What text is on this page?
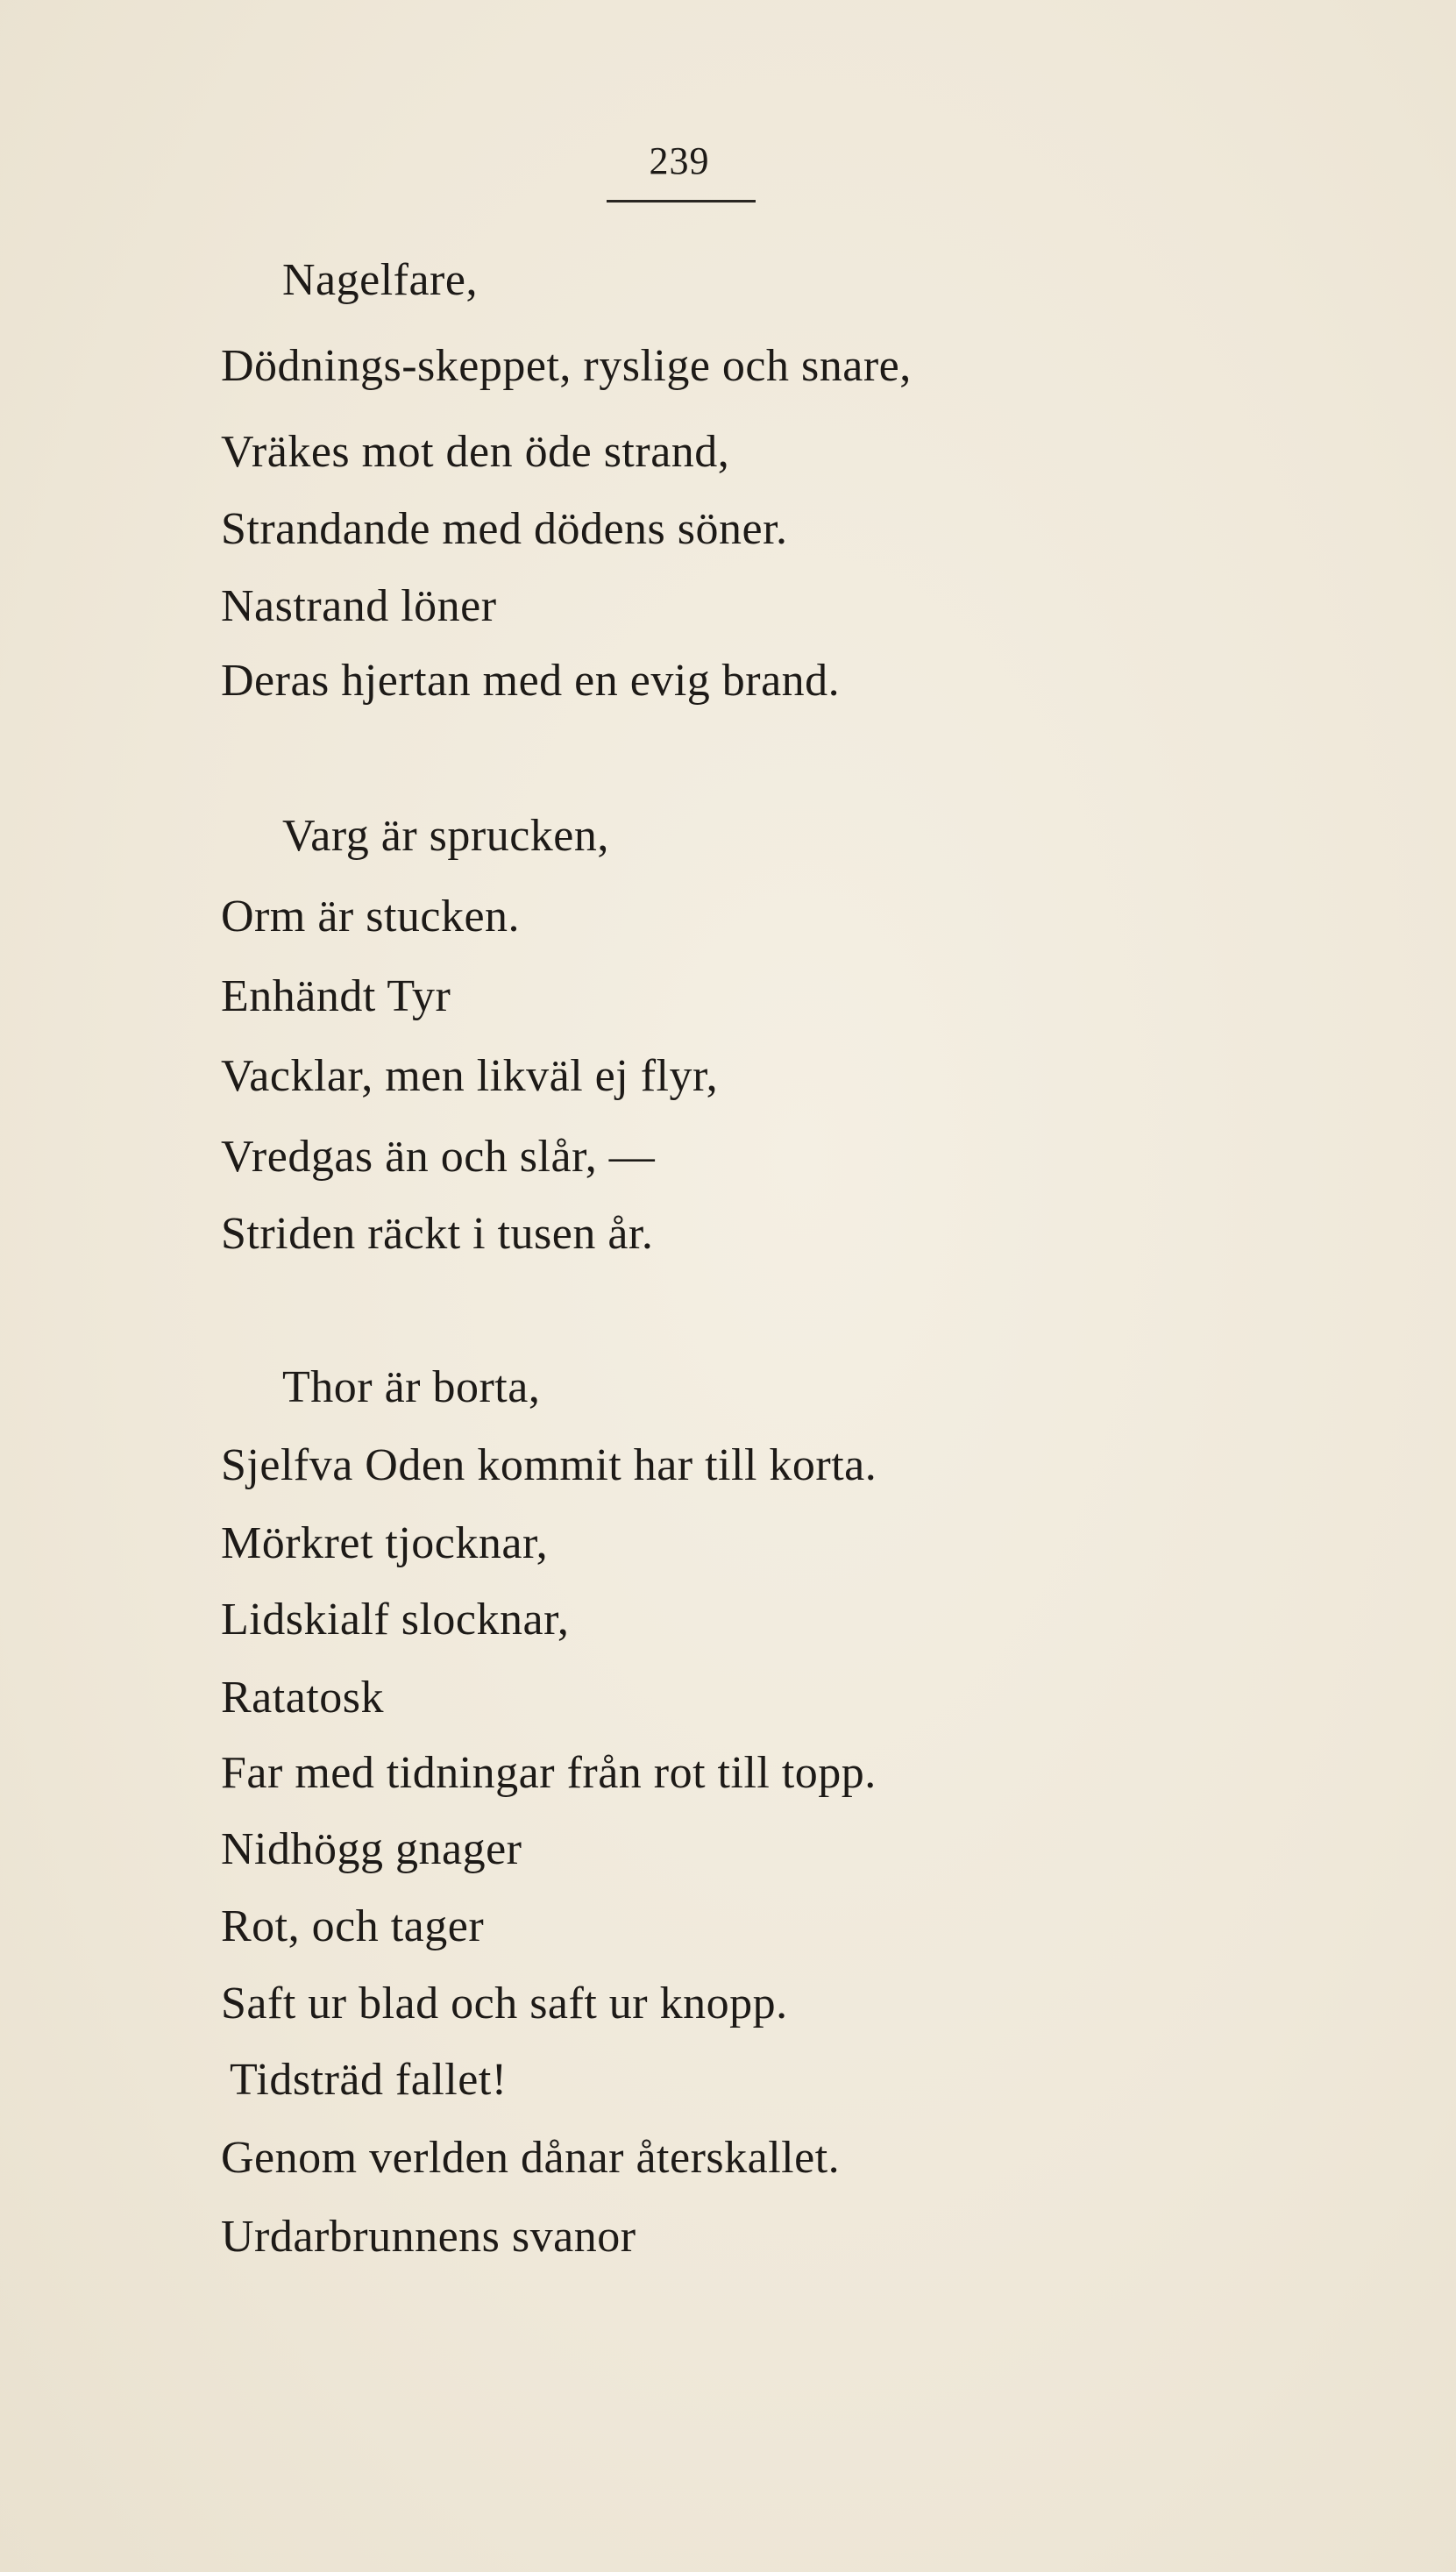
239
Nagelfare,
Dödnings-skeppet, ryslige och snare,
Vräkes mot den öde strand,
Strandande med dödens söner.
Nastrand löner
Deras hjertan med en evig brand.
Varg är sprucken,
Orm är stucken.
Enhändt Tyr
Vacklar, men likväl ej flyr,
Vredgas än och slår, —
Striden räckt i tusen år.
Thor är borta,
Sjelfva Oden kommit har till korta.
Mörkret tjocknar,
Lidskialf slocknar,
Ratatosk
Far med tidningar från rot till topp.
Nidhögg gnager
Rot, och tager
Saft ur blad och saft ur knopp.
Tidsträd fallet!
Genom verlden dånar återskallet.
Urdarbrunnens svanor
